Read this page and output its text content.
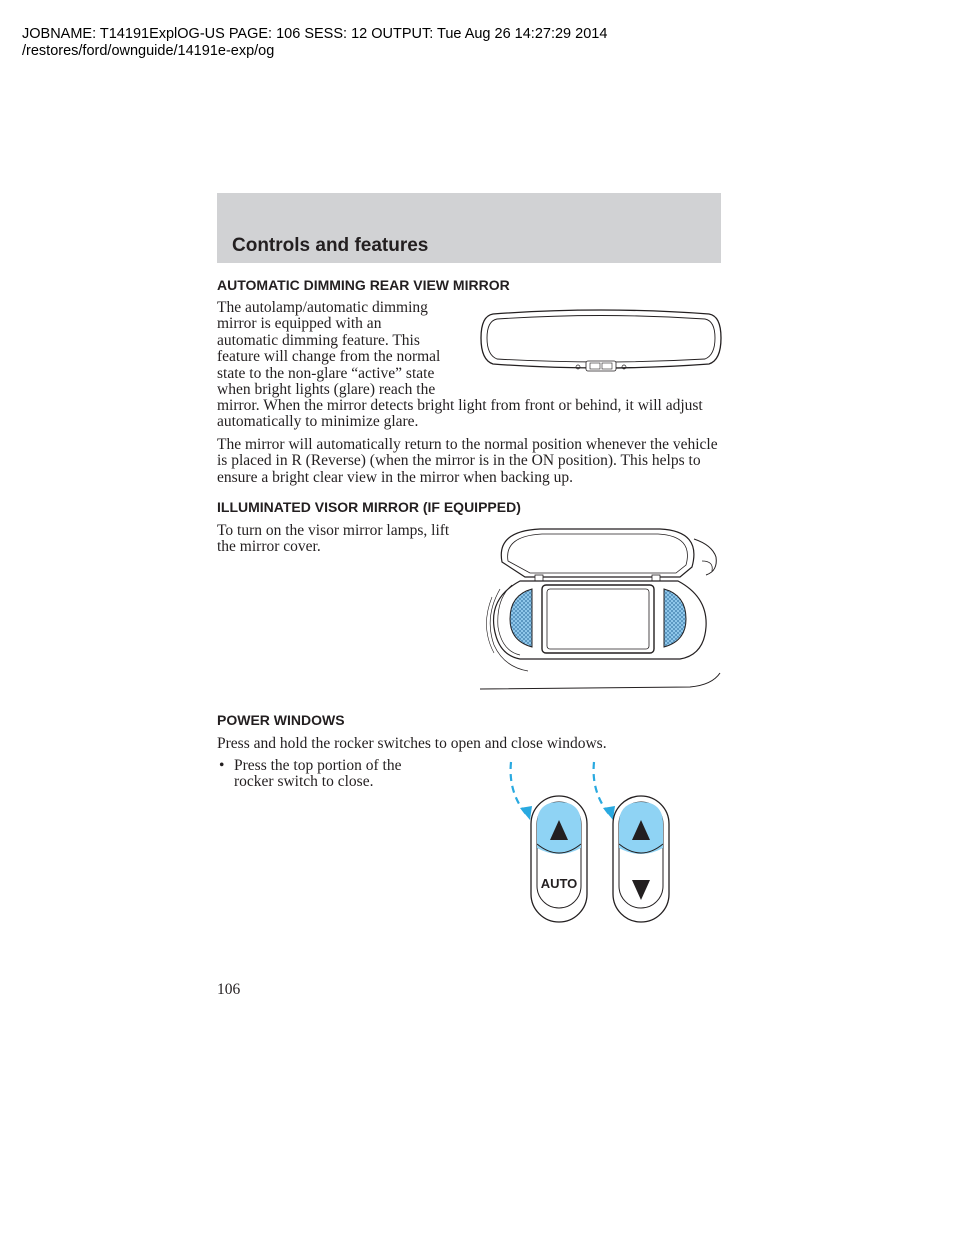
JOBNAME: T14191ExplOG-US PAGE: 106 SESS: 12 OUTPUT: Tue Aug 26 14:27:29 2014
/restores/ford/ownguide/14191e-exp/og
Controls and features
AUTOMATIC DIMMING REAR VIEW MIRROR
The autolamp/automatic dimming
mirror is equipped with an
automatic dimming feature. This
feature will change from the normal
state to the non-glare “active” state
when bright lights (glare) reach the
mirror. When the mirror detects bright light from front or behind, it will adjust automatically to minimize glare.
The mirror will automatically return to the normal position whenever the vehicle is placed in R (Reverse) (when the mirror is in the ON position). This helps to ensure a bright clear view in the mirror when backing up.
ILLUMINATED VISOR MIRROR (IF EQUIPPED)
To turn on the visor mirror lamps, lift the mirror cover.
POWER WINDOWS
Press and hold the rocker switches to open and close windows.
• Press the top portion of the rocker switch to close.
AUTO
106
